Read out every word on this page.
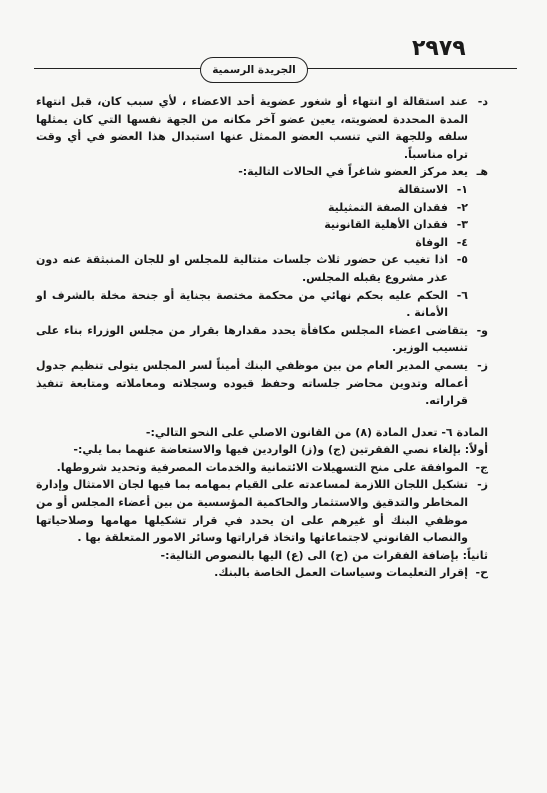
٢٩٧٩
الجريدة الرسمية
د-
عند استقالة او انتهاء أو شغور عضوية أحد الاعضاء ، لأي سبب كان، قبل انتهاء المدة المحددة لعضويته، يعين عضو آخر مكانه من الجهة نفسها التي كان يمثلها سلفه وللجهة التي تنسب العضو الممثل عنها استبدال هذا العضو في أي وقت تراه مناسباً.
هـ
يعد مركز العضو شاغراً في الحالات التالية:-
١-
الاستقالة
٢-
فقدان الصفة التمثيلية
٣-
فقدان الأهلية القانونية
٤-
الوفاة
٥-
اذا تغيب عن حضور ثلاث جلسات متتالية للمجلس او للجان المنبثقة عنه دون عذر مشروع يقبله المجلس.
٦-
الحكم عليه بحكم نهائي من محكمة مختصة بجناية أو جنحة مخلة بالشرف او الأمانة .
و-
يتقاضى اعضاء المجلس مكافأة يحدد مقدارها بقرار من مجلس الوزراء بناء على تنسيب الوزير.
ز-
يسمي المدير العام من بين موظفي البنك أميناً لسر المجلس يتولى تنظيم جدول أعماله وتدوين محاضر جلساته وحفظ قيوده وسجلاته ومعاملاته ومتابعة تنفيذ قراراته.
المادة ٦- تعدل المادة (٨) من القانون الاصلي على النحو التالي:-
أولاً: بإلغاء نصي الفقرتين (ج) و(ز) الواردين فيها والاستعاضة عنهما بما يلي:-
ج-
الموافقة على منح التسهيلات الائتمانية والخدمات المصرفية وتحديد شروطها.
ز-
تشكيل اللجان اللازمة لمساعدته على القيام بمهامه بما فيها لجان الامتثال وإدارة المخاطر والتدقيق والاستثمار والحاكمية المؤسسية من بين أعضاء المجلس أو من موظفي البنك أو غيرهم على ان يحدد في قرار تشكيلها مهامها وصلاحياتها والنصاب القانوني لاجتماعاتها واتخاذ قراراتها وسائر الامور المتعلقة بها .
ثانياً: بإضافة الفقرات من (ح) الى (ع) اليها بالنصوص التالية:-
ح-
إقرار التعليمات وسياسات العمل الخاصة بالبنك.
